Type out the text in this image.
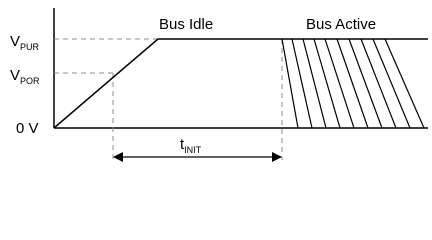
$V_{PUR}$
$V_{POR}$
0 V
Bus Idle	Bus Active
$t_{INIT}$
